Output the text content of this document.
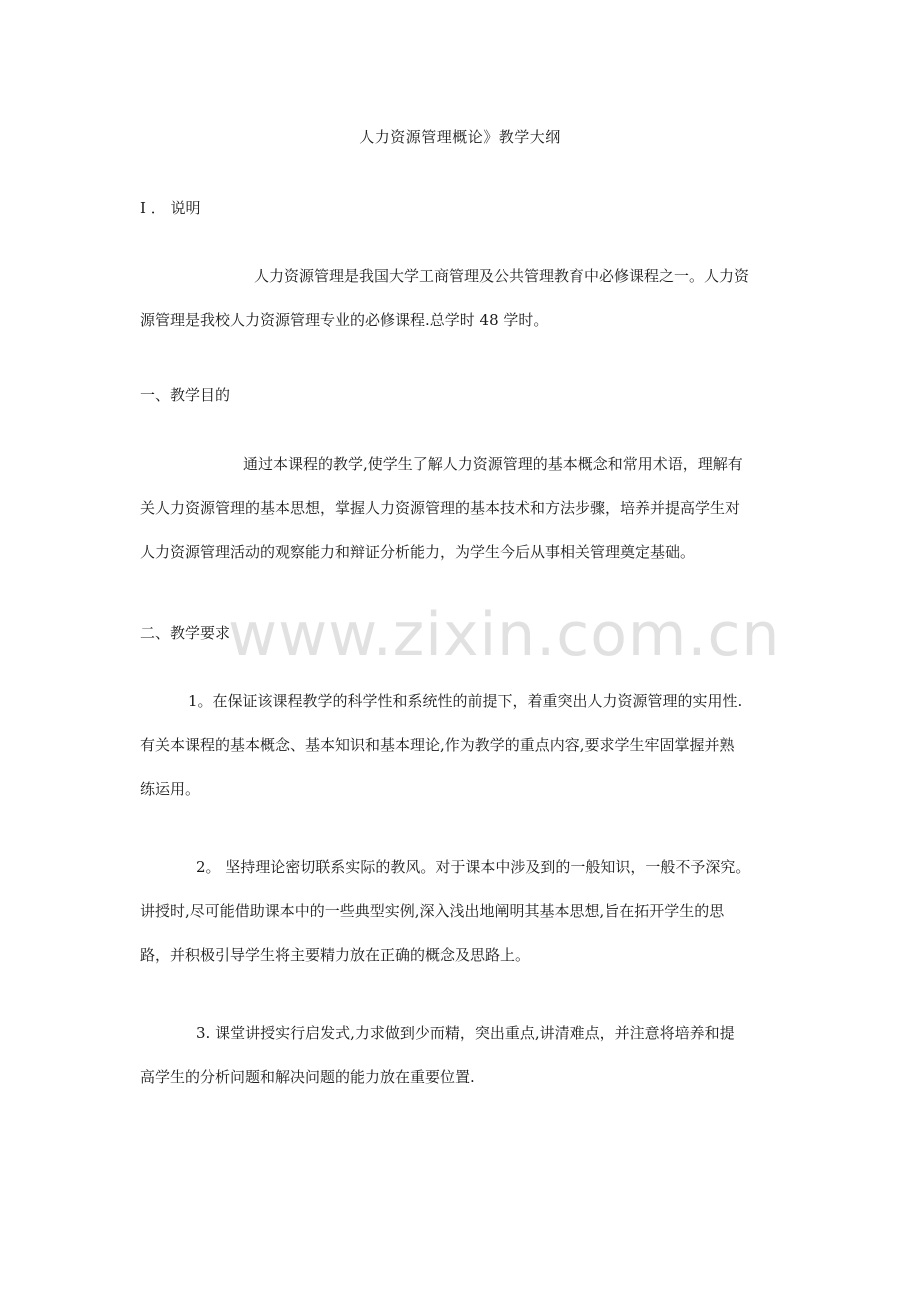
人力资源管理概论》教学大纲
Ⅰ ． 说明
人力资源管理是我国大学工商管理及公共管理教育中必修课程之一。人力资
源管理是我校人力资源管理专业的必修课程.总学时 48 学时。
一、教学目的
通过本课程的教学,使学生了解人力资源管理的基本概念和常用术语，理解有
关人力资源管理的基本思想，掌握人力资源管理的基本技术和方法步骤，培养并提高学生对
人力资源管理活动的观察能力和辩证分析能力，为学生今后从事相关管理奠定基础。
二、教学要求
1。在保证该课程教学的科学性和系统性的前提下，着重突出人力资源管理的实用性.
有关本课程的基本概念、基本知识和基本理论,作为教学的重点内容,要求学生牢固掌握并熟
练运用。
2。 坚持理论密切联系实际的教风。对于课本中涉及到的一般知识，一般不予深究。
讲授时,尽可能借助课本中的一些典型实例,深入浅出地阐明其基本思想,旨在拓开学生的思
路，并积极引导学生将主要精力放在正确的概念及思路上。
3. 课堂讲授实行启发式,力求做到少而精，突出重点,讲清难点，并注意将培养和提
高学生的分析问题和解决问题的能力放在重要位置.
www.zixin.com.cn
